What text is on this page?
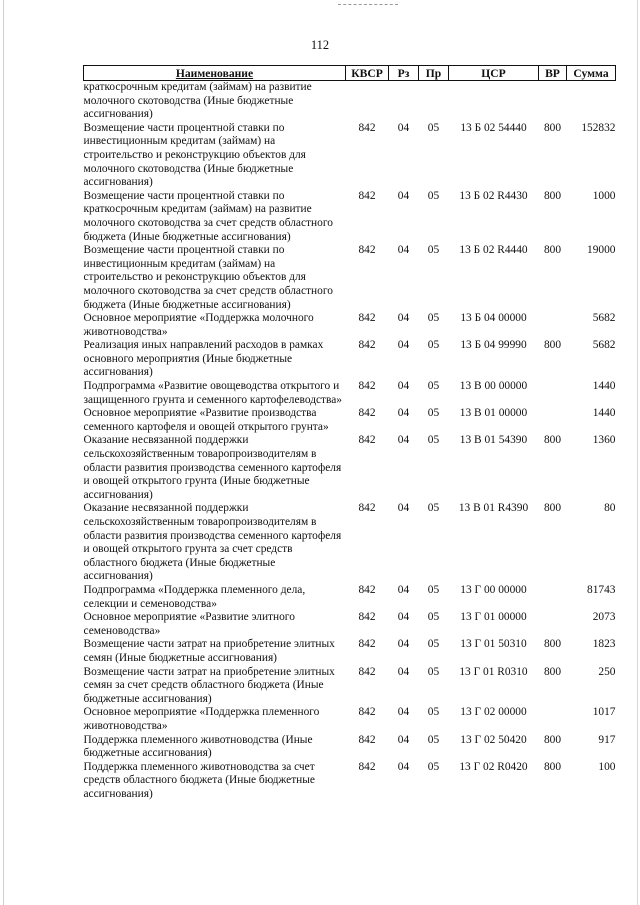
112
Наименование	КВСР	Рз	Пр	ЦСР	ВР	Сумма
краткосрочным кредитам (займам) на развитие молочного скотоводства (Иные бюджетные ассигнования)						
Возмещение части процентной ставки по инвестиционным кредитам (займам) на строительство и реконструкцию объектов для молочного скотоводства (Иные бюджетные ассигнования)	842	04	05	13 Б 02 54440	800	152832
Возмещение части процентной ставки по краткосрочным кредитам (займам) на развитие молочного скотоводства за счет средств областного бюджета (Иные бюджетные ассигнования)	842	04	05	13 Б 02 R4430	800	1000
Возмещение части процентной ставки по инвестиционным кредитам (займам) на строительство и реконструкцию объектов для молочного скотоводства за счет средств областного бюджета (Иные бюджетные ассигнования)	842	04	05	13 Б 02 R4440	800	19000
Основное мероприятие «Поддержка молочного животноводства»	842	04	05	13 Б 04 00000		5682
Реализация иных направлений расходов в рамках основного мероприятия (Иные бюджетные ассигнования)	842	04	05	13 Б 04 99990	800	5682
Подпрограмма «Развитие овощеводства открытого и защищенного грунта и семенного картофелеводства»	842	04	05	13 В 00 00000		1440
Основное мероприятие «Развитие производства семенного картофеля и овощей открытого грунта»	842	04	05	13 В 01 00000		1440
Оказание несвязанной поддержки сельскохозяйственным товаропроизводителям в области развития производства семенного картофеля и овощей открытого грунта (Иные бюджетные ассигнования)	842	04	05	13 В 01 54390	800	1360
Оказание несвязанной поддержки сельскохозяйственным товаропроизводителям в области развития производства семенного картофеля и овощей открытого грунта за счет средств областного бюджета (Иные бюджетные ассигнования)	842	04	05	13 В 01 R4390	800	80
Подпрограмма «Поддержка племенного дела, селекции и семеноводства»	842	04	05	13 Г 00 00000		81743
Основное мероприятие «Развитие элитного семеноводства»	842	04	05	13 Г 01 00000		2073
Возмещение части затрат на приобретение элитных семян (Иные бюджетные ассигнования)	842	04	05	13 Г 01 50310	800	1823
Возмещение части затрат на приобретение элитных семян за счет средств областного бюджета (Иные бюджетные ассигнования)	842	04	05	13 Г 01 R0310	800	250
Основное мероприятие «Поддержка племенного животноводства»	842	04	05	13 Г 02 00000		1017
Поддержка племенного животноводства (Иные бюджетные ассигнования)	842	04	05	13 Г 02 50420	800	917
Поддержка племенного животноводства за счет средств областного бюджета (Иные бюджетные ассигнования)	842	04	05	13 Г 02 R0420	800	100
